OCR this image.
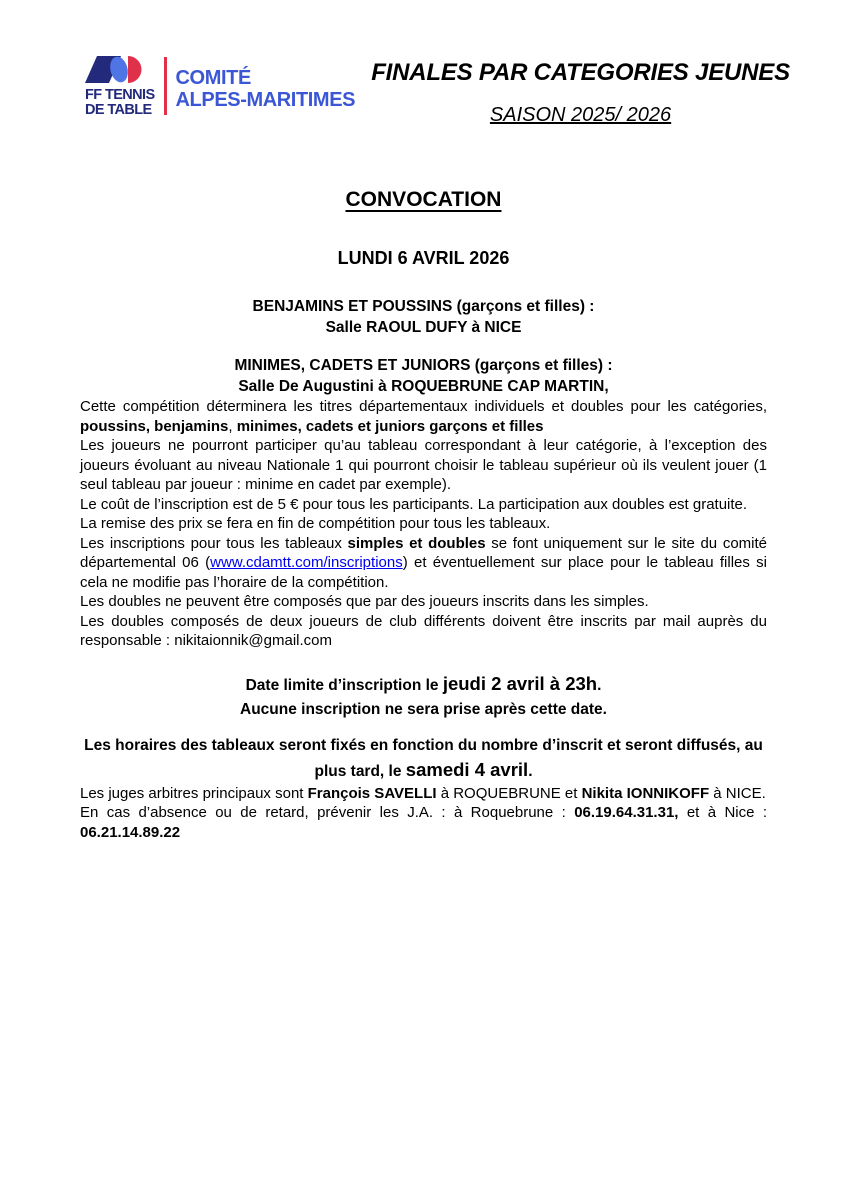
FF TENNIS
DE TABLE
COMITÉ
ALPES-MARITIMES
FINALES PAR CATEGORIES JEUNES
SAISON 2025/ 2026
CONVOCATION
LUNDI 6 AVRIL 2026
BENJAMINS ET POUSSINS (garçons et filles) :
Salle RAOUL DUFY à NICE
MINIMES, CADETS ET JUNIORS (garçons et filles) :
Salle De Augustini à ROQUEBRUNE CAP MARTIN,

Cette compétition déterminera les titres départementaux individuels et doubles pour les catégories, poussins, benjamins, minimes, cadets et juniors garçons et filles

Les joueurs ne pourront participer qu’au tableau correspondant à leur catégorie, à l’exception des joueurs évoluant au niveau Nationale 1 qui pourront choisir le tableau supérieur où ils veulent jouer (1 seul tableau par joueur : minime en cadet par exemple).

Le coût de l’inscription est de 5 € pour tous les participants. La participation aux doubles est gratuite.

La remise des prix se fera en fin de compétition pour tous les tableaux.

Les inscriptions pour tous les tableaux simples et doubles se font uniquement sur le site du comité départemental 06 (www.cdamtt.com/inscriptions) et éventuellement sur place pour le tableau filles si cela ne modifie pas l’horaire de la compétition.

Les doubles ne peuvent être composés que par des joueurs inscrits dans les simples.

Les doubles composés de deux joueurs de club différents doivent être inscrits par mail auprès du responsable : nikitaionnik@gmail.com

Date limite d’inscription le jeudi 2 avril à 23h.

Aucune inscription ne sera prise après cette date.

Les horaires des tableaux seront fixés en fonction du nombre d’inscrit et seront diffusés, au plus tard, le samedi 4 avril.

Les juges arbitres principaux sont François SAVELLI à ROQUEBRUNE et Nikita IONNIKOFF à NICE.

En cas d’absence ou de retard, prévenir les J.A. : à Roquebrune : 06.19.64.31.31, et à Nice : 06.21.14.89.22
